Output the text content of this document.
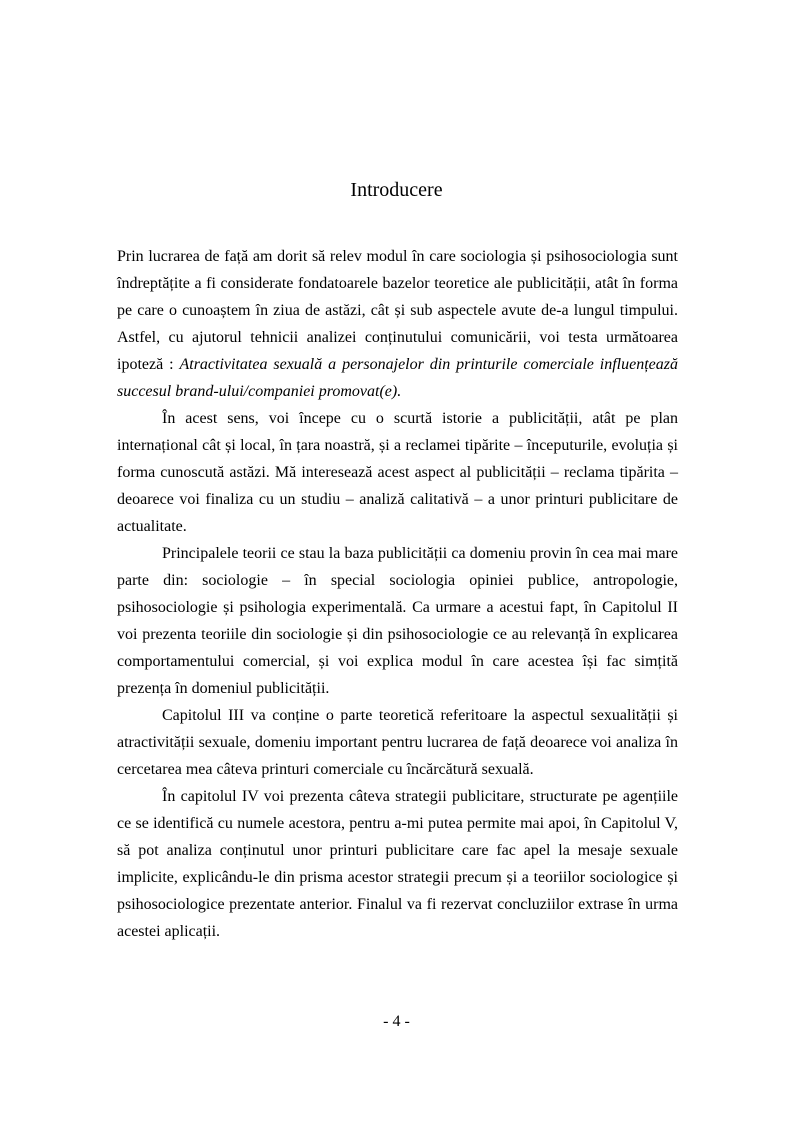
Introducere

Prin lucrarea de față am dorit să relev modul în care sociologia și psihosociologia sunt îndreptățite a fi considerate fondatoarele bazelor teoretice ale publicității, atât în forma pe care o cunoaștem în ziua de astăzi, cât și sub aspectele avute de-a lungul timpului. Astfel, cu ajutorul tehnicii analizei conținutului comunicării, voi testa următoarea ipoteză : Atractivitatea sexuală a personajelor din printurile comerciale influențează succesul brand-ului/companiei promovat(e).

În acest sens, voi începe cu o scurtă istorie a publicității, atât pe plan internațional cât și local, în țara noastră, și a reclamei tipărite – începuturile, evoluția și forma cunoscută astăzi. Mă interesează acest aspect al publicității – reclama tipărita – deoarece voi finaliza cu un studiu – analiză calitativă – a unor printuri publicitare de actualitate.

Principalele teorii ce stau la baza publicității ca domeniu provin în cea mai mare parte din: sociologie – în special sociologia opiniei publice, antropologie, psihosociologie și psihologia experimentală. Ca urmare a acestui fapt, în Capitolul II voi prezenta teoriile din sociologie și din psihosociologie ce au relevanță în explicarea comportamentului comercial, și voi explica modul în care acestea își fac simțită prezența în domeniul publicității.

Capitolul III va conține o parte teoretică referitoare la aspectul sexualității și atractivității sexuale, domeniu important pentru lucrarea de față deoarece voi analiza în cercetarea mea câteva printuri comerciale cu încărcătură sexuală.

În capitolul IV voi prezenta câteva strategii publicitare, structurate pe agențiile ce se identifică cu numele acestora, pentru a-mi putea permite mai apoi, în Capitolul V, să pot analiza conținutul unor printuri publicitare care fac apel la mesaje sexuale implicite, explicându-le din prisma acestor strategii precum și a teoriilor sociologice și psihosociologice prezentate anterior. Finalul va fi rezervat concluziilor extrase în urma acestei aplicații.

- 4 -
